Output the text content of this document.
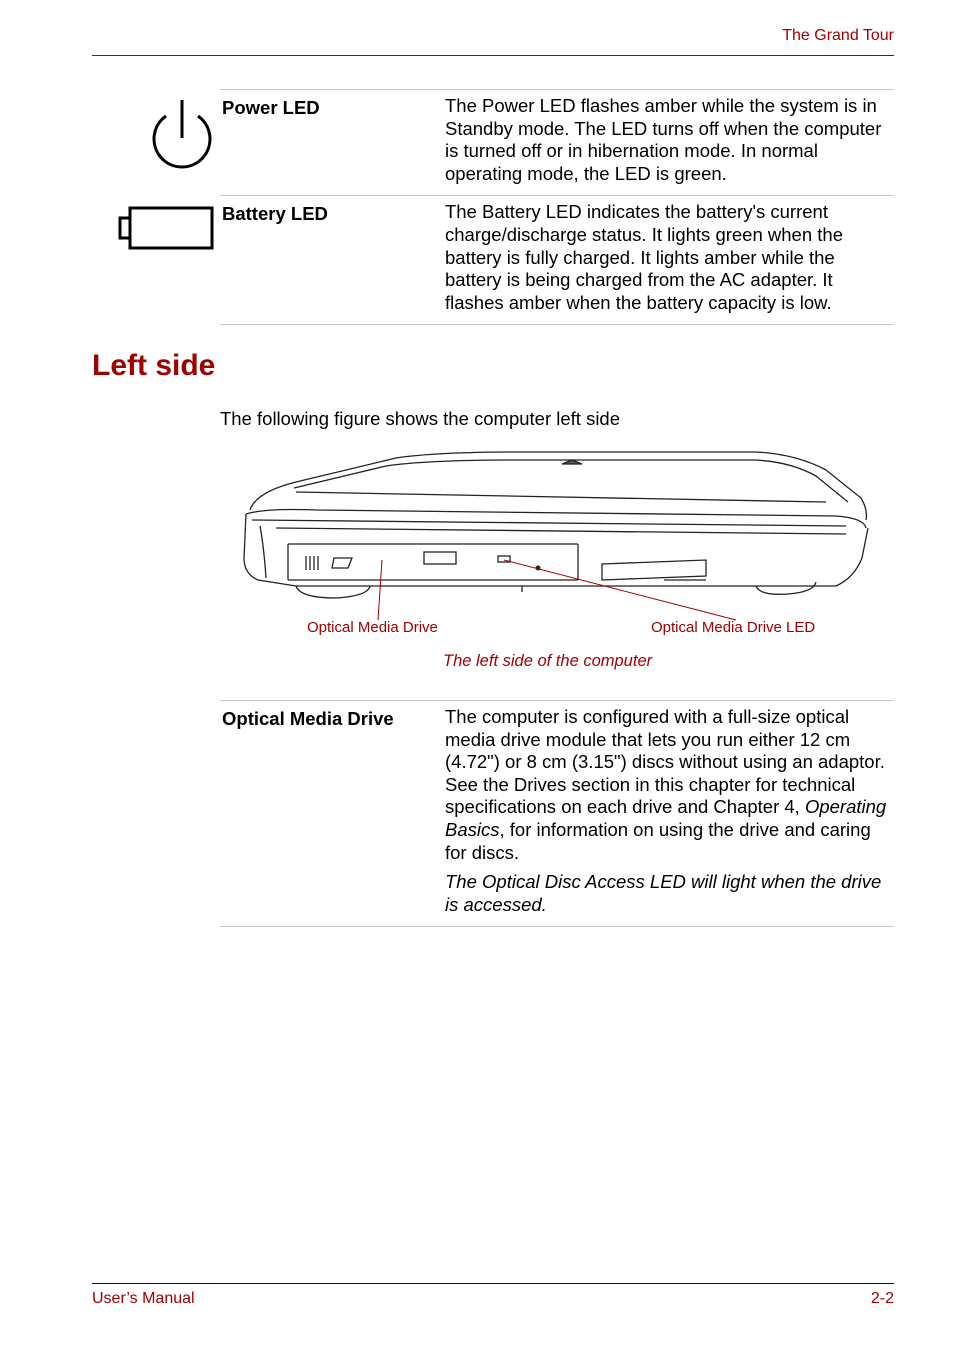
The Grand Tour
Power LED	The Power LED flashes amber while the system is in Standby mode. The LED turns off when the computer is turned off or in hibernation mode. In normal operating mode, the LED is green.

Battery LED	The Battery LED indicates the battery's current charge/discharge status. It lights green when the battery is fully charged. It lights amber while the battery is being charged from the AC adapter. It flashes amber when the battery capacity is low.

Left side
The following figure shows the computer left side
Optical Media Drive	Optical Media Drive LED
The left side of the computer
Optical Media Drive	The computer is configured with a full-size optical media drive module that lets you run either 12 cm (4.72") or 8 cm (3.15") discs without using an adaptor. See the Drives section in this chapter for technical specifications on each drive and Chapter 4, Operating Basics, for information on using the drive and caring for discs.

The Optical Disc Access LED will light when the drive is accessed.

User’s Manual	2-2
